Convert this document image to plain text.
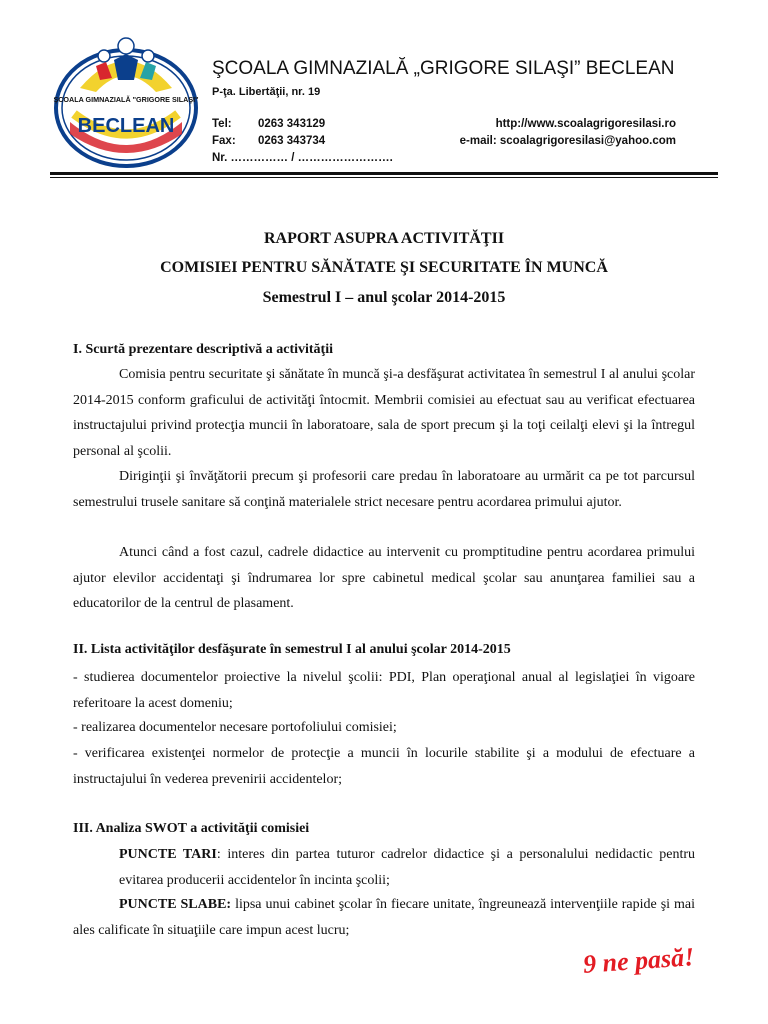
ŞCOALA GIMNAZIALĂ "GRIGORE SILAŞI"
BECLEAN
ŞCOALA GIMNAZIALĂ „GRIGORE SILAŞI” BECLEAN
P-ţa. Libertăţii, nr. 19
Tel: 0263 343129
Fax: 0263 343734
Nr. …………… / …………………….
http://www.scoalagrigoresilasi.ro
e-mail: scoalagrigoresilasi@yahoo.com
RAPORT ASUPRA ACTIVITĂŢII
COMISIEI PENTRU SĂNĂTATE ŞI SECURITATE ÎN MUNCĂ
Semestrul I – anul şcolar 2014-2015
I. Scurtă prezentare descriptivă a activităţii

Comisia pentru securitate şi sănătate în muncă şi-a desfăşurat activitatea în semestrul I al anului şcolar 2014-2015 conform graficului de activităţi întocmit. Membrii comisiei au efectuat sau au verificat efectuarea instructajului privind protecţia muncii în laboratoare, sala de sport precum şi la toţi ceilalţi elevi şi la întregul personal al şcolii.

Diriginţii şi învăţătorii precum şi profesorii care predau în laboratoare au urmărit ca pe tot parcursul semestrului trusele sanitare să conţină materialele strict necesare pentru acordarea primului ajutor.

Atunci când a fost cazul, cadrele didactice au intervenit cu promptitudine pentru acordarea primului ajutor elevilor accidentaţi şi îndrumarea lor spre cabinetul medical şcolar sau anunţarea familiei sau a educatorilor de la centrul de plasament.

II. Lista activităţilor desfăşurate în semestrul I al anului şcolar 2014-2015

- studierea documentelor proiective la nivelul şcolii: PDI, Plan operaţional anual al legislaţiei în vigoare referitoare la acest domeniu;

- realizarea documentelor necesare portofoliului comisiei;

- verificarea existenţei normelor de protecţie a muncii în locurile stabilite şi a modului de efectuare a instructajului în vederea prevenirii accidentelor;

III. Analiza SWOT a activităţii comisiei

PUNCTE TARI: interes din partea tuturor cadrelor didactice şi a personalului nedidactic pentru evitarea producerii accidentelor în incinta şcolii;

PUNCTE SLABE: lipsa unui cabinet şcolar în fiecare unitate, îngreunează intervenţiile rapide şi mai ales calificate în situaţiile care impun acest lucru;

9 ne pasă!
